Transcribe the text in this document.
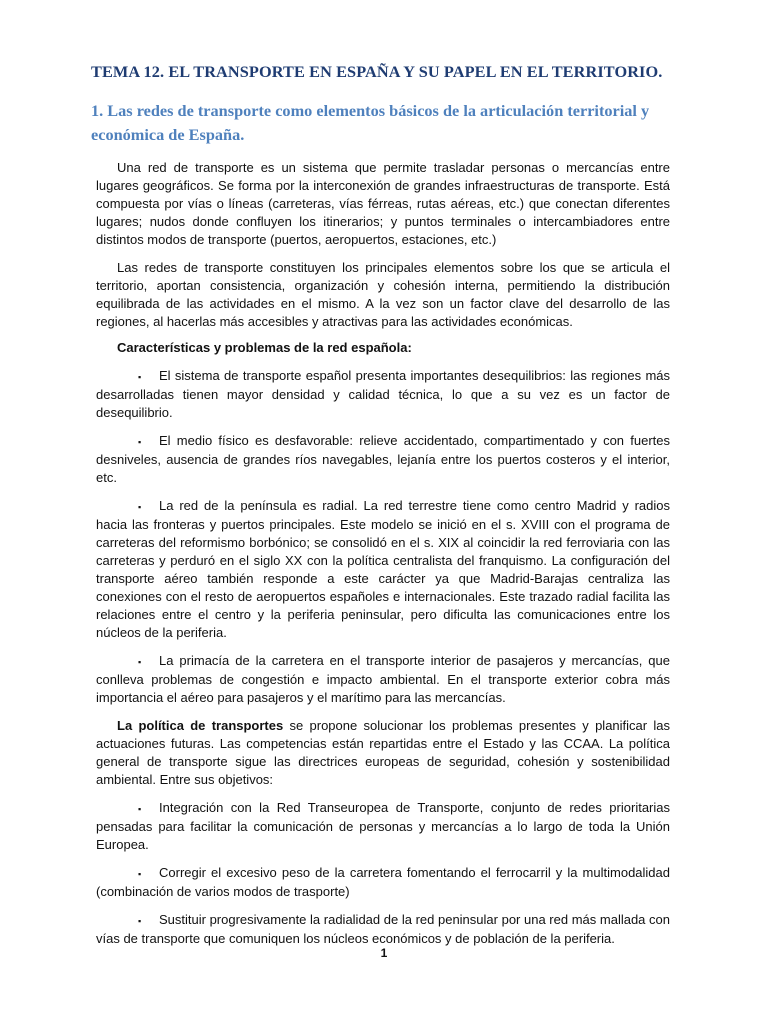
TEMA 12. EL TRANSPORTE EN ESPAÑA Y SU PAPEL EN EL TERRITORIO.
1. Las redes de transporte como elementos básicos de la articulación territorial y económica de España.

Una red de transporte es un sistema que permite trasladar personas o mercancías entre lugares geográficos. Se forma por la interconexión de grandes infraestructuras de transporte. Está compuesta por vías o líneas (carreteras, vías férreas, rutas aéreas, etc.) que conectan diferentes lugares; nudos donde confluyen los itinerarios; y puntos terminales o intercambiadores entre distintos modos de transporte (puertos, aeropuertos, estaciones, etc.)

Las redes de transporte constituyen los principales elementos sobre los que se articula el territorio, aportan consistencia, organización y cohesión interna, permitiendo la distribución equilibrada de las actividades en el mismo. A la vez son un factor clave del desarrollo de las regiones, al hacerlas más accesibles y atractivas para las actividades económicas.

Características y problemas de la red española:

▪ El sistema de transporte español presenta importantes desequilibrios: las regiones más desarrolladas tienen mayor densidad y calidad técnica, lo que a su vez es un factor de desequilibrio.

▪ El medio físico es desfavorable: relieve accidentado, compartimentado y con fuertes desniveles, ausencia de grandes ríos navegables, lejanía entre los puertos costeros y el interior, etc.

▪ La red de la península es radial. La red terrestre tiene como centro Madrid y radios hacia las fronteras y puertos principales. Este modelo se inició en el s. XVIII con el programa de carreteras del reformismo borbónico; se consolidó en el s. XIX al coincidir la red ferroviaria con las carreteras y perduró en el siglo XX con la política centralista del franquismo. La configuración del transporte aéreo también responde a este carácter ya que Madrid-Barajas centraliza las conexiones con el resto de aeropuertos españoles e internacionales. Este trazado radial facilita las relaciones entre el centro y la periferia peninsular, pero dificulta las comunicaciones entre los núcleos de la periferia.

▪ La primacía de la carretera en el transporte interior de pasajeros y mercancías, que conlleva problemas de congestión e impacto ambiental. En el transporte exterior cobra más importancia el aéreo para pasajeros y el marítimo para las mercancías.

La política de transportes se propone solucionar los problemas presentes y planificar las actuaciones futuras. Las competencias están repartidas entre el Estado y las CCAA. La política general de transporte sigue las directrices europeas de seguridad, cohesión y sostenibilidad ambiental. Entre sus objetivos:

▪ Integración con la Red Transeuropea de Transporte, conjunto de redes prioritarias pensadas para facilitar la comunicación de personas y mercancías a lo largo de toda la Unión Europea.

▪ Corregir el excesivo peso de la carretera fomentando el ferrocarril y la multimodalidad (combinación de varios modos de trasporte)

▪ Sustituir progresivamente la radialidad de la red peninsular por una red más mallada con vías de transporte que comuniquen los núcleos económicos y de población de la periferia.

1
